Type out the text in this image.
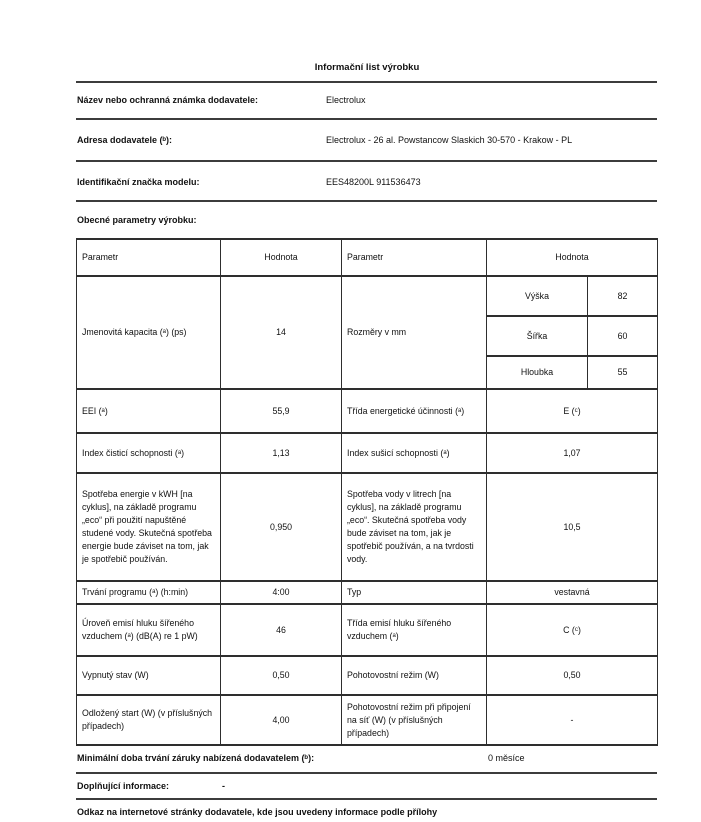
Informační list výrobku
Název nebo ochranná známka dodavatele:	Electrolux
Adresa dodavatele (ᵇ):	Electrolux - 26 al. Powstancow Slaskich 30-570 - Krakow - PL
Identifikační značka modelu:	EES48200L 911536473
Obecné parametry výrobku:
Parametr	Hodnota	Parametr	Hodnota	
Jmenovitá kapacita (ᵃ) (ps)	14	Rozměry v mm	Výška	82
			Šířka	60
			Hloubka	55
EEI (ᵃ)	55,9	Třída energetické účinnosti (ᵃ)	E (ᶜ)	
Index čisticí schopnosti (ᵃ)	1,13	Index sušicí schopnosti (ᵃ)	1,07	
Spotřeba energie v kWH [na cyklus], na základě programu „eco“ při použití napuštěné studené vody. Skutečná spotřeba energie bude záviset na tom, jak je spotřebič používán.	0,950	Spotřeba vody v litrech [na cyklus], na základě programu „eco“. Skutečná spotřeba vody bude záviset na tom, jak je spotřebič používán, a na tvrdosti vody.	10,5	
Trvání programu (ᵃ) (h:min)	4:00	Typ	vestavná	
Úroveň emisí hluku šířeného vzduchem (ᵃ) (dB(A) re 1 pW)	46	Třída emisí hluku šířeného vzduchem (ᵃ)	C (ᶜ)	
Vypnutý stav (W)	0,50	Pohotovostní režim (W)	0,50	
Odložený start (W) (v příslušných případech)	4,00	Pohotovostní režim při připojení na síť (W) (v příslušných případech)	-	
Minimální doba trvání záruky nabízená dodavatelem (ᵇ):	0 měsíce
Doplňující informace:	-
Odkaz na internetové stránky dodavatele, kde jsou uvedeny informace podle přílohy
